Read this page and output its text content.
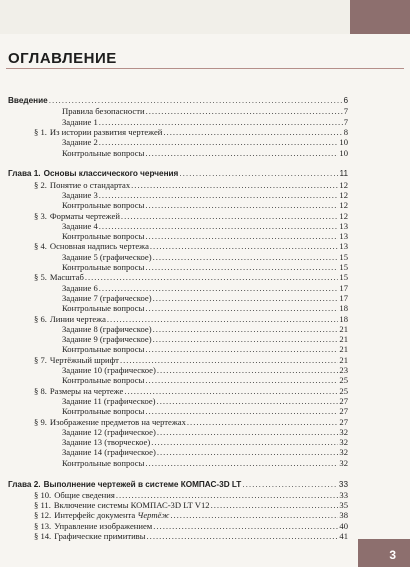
ОГЛАВЛЕНИЕ
Введение .....	6
Правила безопасности .....	7
Задание 1 .....	7
§ 1. Из истории развития чертежей .....	8
Задание 2 .....	10
Контрольные вопросы .....	10
Глава 1. Основы классического черчения .....	11
§ 2. Понятие о стандартах .....	12
Задание 3 .....	12
Контрольные вопросы .....	12
§ 3. Форматы чертежей .....	12
Задание 4 .....	13
Контрольные вопросы .....	13
§ 4. Основная надпись чертежа .....	13
Задание 5 (графическое) .....	15
Контрольные вопросы .....	15
§ 5. Масштаб .....	15
Задание 6 .....	17
Задание 7 (графическое) .....	17
Контрольные вопросы .....	18
§ 6. Линии чертежа .....	18
Задание 8 (графическое) .....	21
Задание 9 (графическое) .....	21
Контрольные вопросы .....	21
§ 7. Чертёжный шрифт .....	21
Задание 10 (графическое) .....	23
Контрольные вопросы .....	25
§ 8. Размеры на чертеже .....	25
Задание 11 (графическое) .....	27
Контрольные вопросы .....	27
§ 9. Изображение предметов на чертежах .....	27
Задание 12 (графическое) .....	32
Задание 13 (творческое) .....	32
Задание 14 (графическое) .....	32
Контрольные вопросы .....	32
Глава 2. Выполнение чертежей в системе КОМПАС-3D LT .....	33
§ 10. Общие сведения .....	33
§ 11. Включение системы КОМПАС-3D LT V12 .....	35
§ 12. Интерфейс документа Чертёж .....	38
§ 13. Управление изображением .....	40
§ 14. Графические примитивы .....	41
3
